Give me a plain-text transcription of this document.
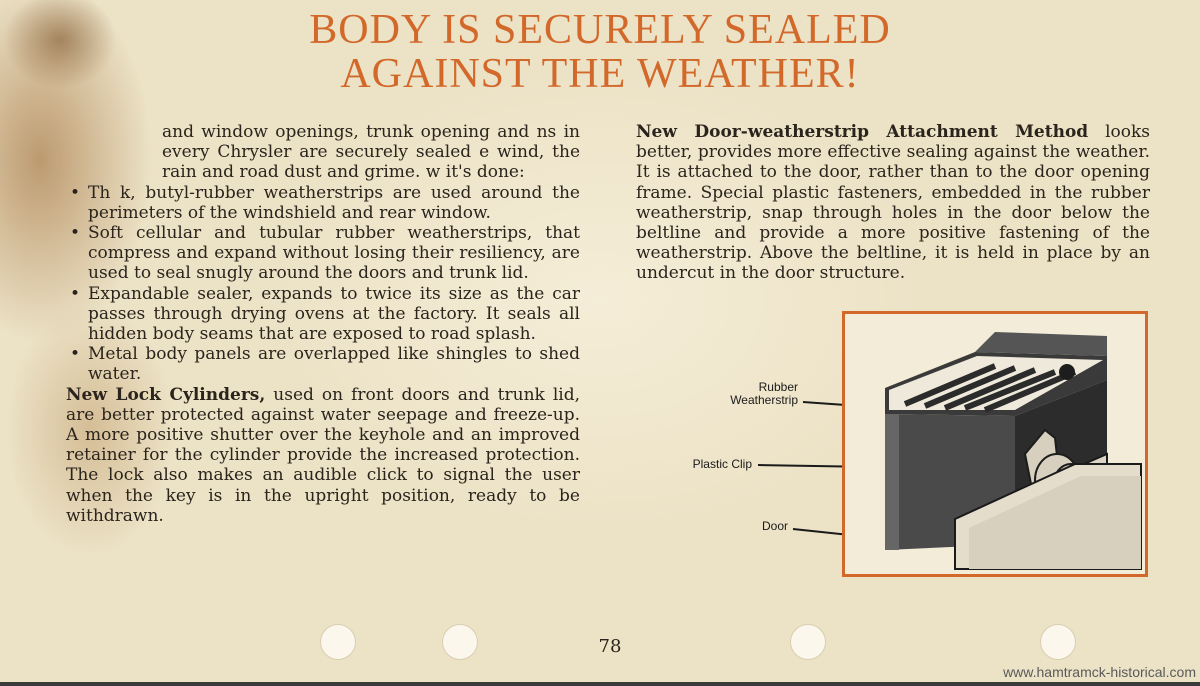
BODY IS SECURELY SEALED
AGAINST THE WEATHER!

and window openings, trunk opening and ns in every Chrysler are securely sealed e wind, the rain and road dust and grime. w it's done:

• Th k, butyl-rubber weatherstrips are used around the perimeters of the windshield and rear window.
• Soft cellular and tubular rubber weatherstrips, that compress and expand without losing their resiliency, are used to seal snugly around the doors and trunk lid.
• Expandable sealer, expands to twice its size as the car passes through drying ovens at the factory. It seals all hidden body seams that are exposed to road splash.
• Metal body panels are overlapped like shingles to shed water.

New Lock Cylinders, used on front doors and trunk lid, are better protected against water seepage and freeze-up. A more positive shutter over the keyhole and an improved retainer for the cylinder provide the increased protection. The lock also makes an audible click to signal the user when the key is in the upright position, ready to be withdrawn.

New Door-weatherstrip Attachment Method looks better, provides more effective sealing against the weather. It is attached to the door, rather than to the door opening frame. Special plastic fasteners, embedded in the rubber weatherstrip, snap through holes in the door below the beltline and provide a more positive fastening of the weatherstrip. Above the beltline, it is held in place by an undercut in the door structure.

Rubber Weatherstrip
Plastic Clip
Door
78
www.hamtramck-historical.com
